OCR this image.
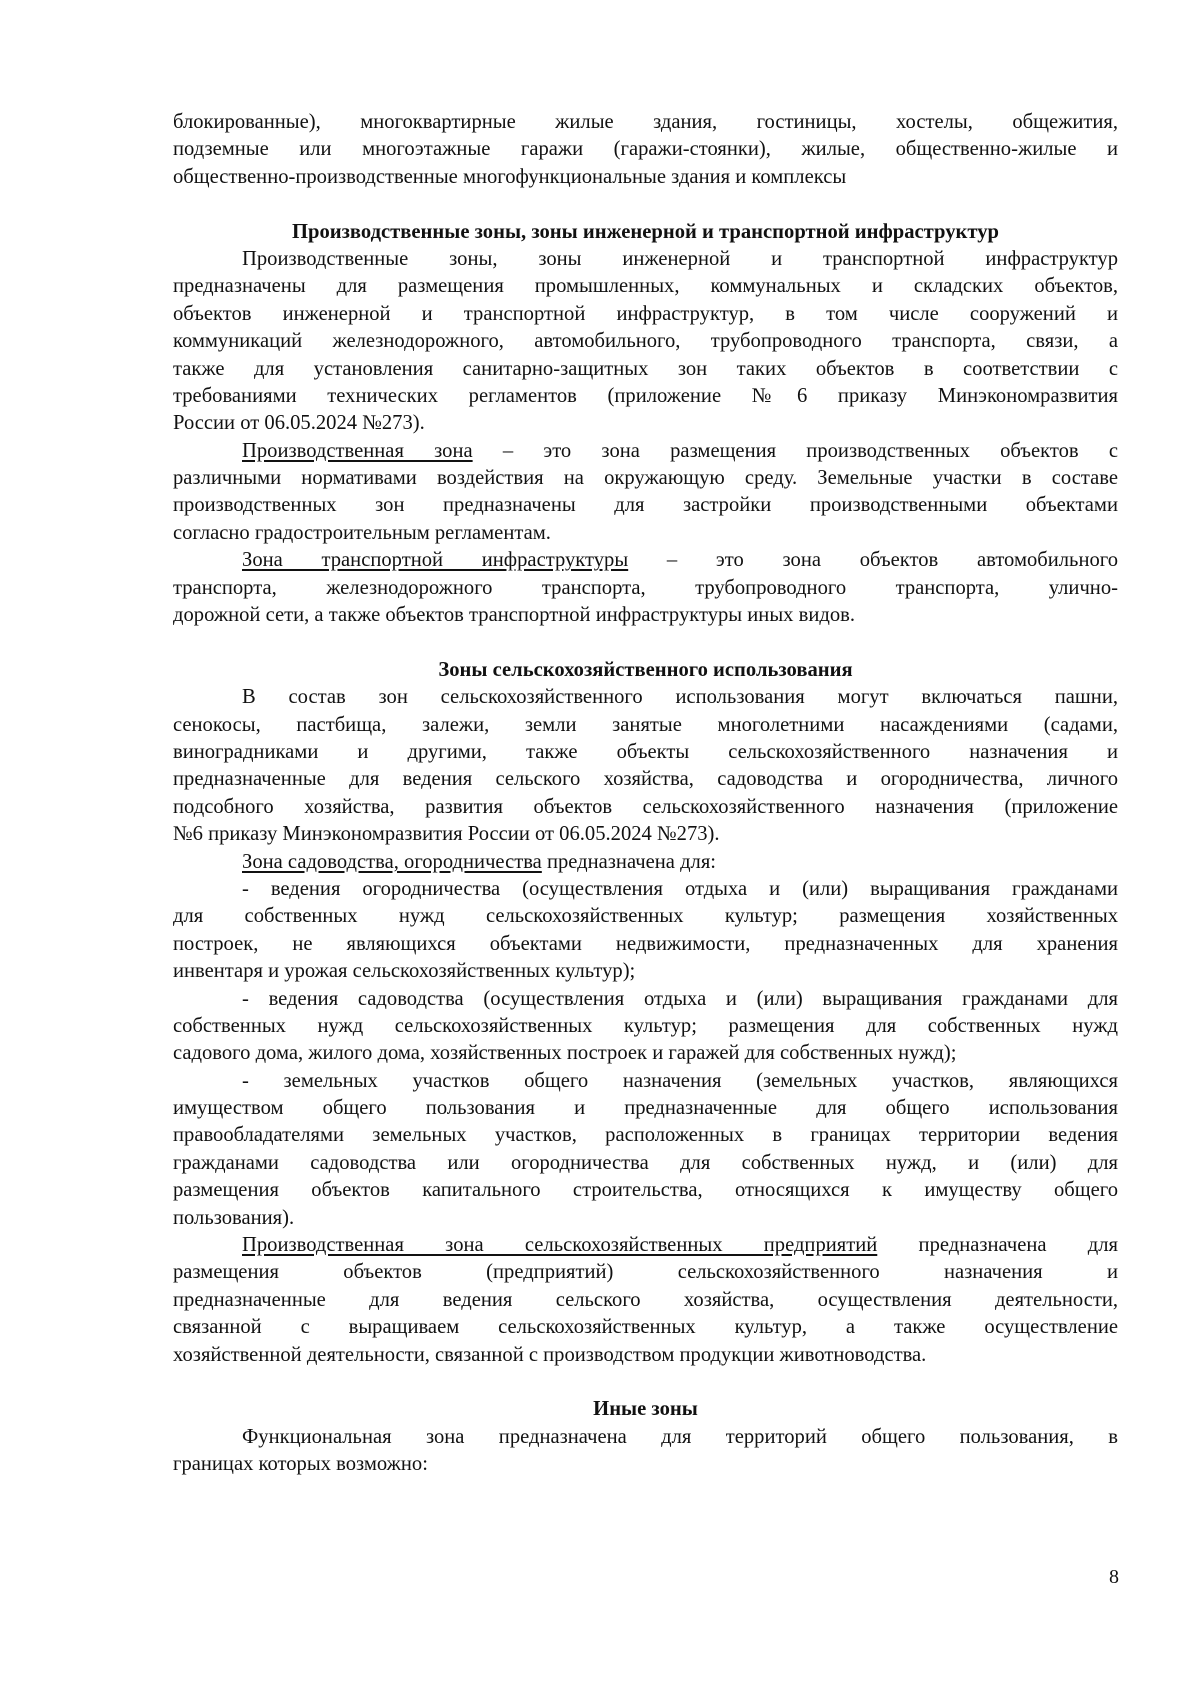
блокированные), многоквартирные жилые здания, гостиницы, хостелы, общежития,
подземные или многоэтажные гаражи (гаражи-стоянки), жилые, общественно-жилые и
общественно-производственные многофункциональные здания и комплексы
Производственные зоны, зоны инженерной и транспортной инфраструктур
Производственные зоны, зоны инженерной и транспортной инфраструктур
предназначены для размещения промышленных, коммунальных и складских объектов,
объектов инженерной и транспортной инфраструктур, в том числе сооружений и
коммуникаций железнодорожного, автомобильного, трубопроводного транспорта, связи, а
также для установления санитарно-защитных зон таких объектов в соответствии с
требованиями технических регламентов (приложение №6 приказу Минэкономразвития
России от 06.05.2024 №273).
Производственная зона – это зона размещения производственных объектов с
различными нормативами воздействия на окружающую среду. Земельные участки в составе
производственных зон предназначены для застройки производственными объектами
согласно градостроительным регламентам.
Зона транспортной инфраструктуры – это зона объектов автомобильного
транспорта, железнодорожного транспорта, трубопроводного транспорта, улично-
дорожной сети, а также объектов транспортной инфраструктуры иных видов.
Зоны сельскохозяйственного использования
В состав зон сельскохозяйственного использования могут включаться пашни,
сенокосы, пастбища, залежи, земли занятые многолетними насаждениями (садами,
виноградниками и другими, также объекты сельскохозяйственного назначения и
предназначенные для ведения сельского хозяйства, садоводства и огородничества, личного
подсобного хозяйства, развития объектов сельскохозяйственного назначения (приложение
№6 приказу Минэкономразвития России от 06.05.2024 №273).
Зона садоводства, огородничества предназначена для:
- ведения огородничества (осуществления отдыха и (или) выращивания гражданами
для собственных нужд сельскохозяйственных культур; размещения хозяйственных
построек, не являющихся объектами недвижимости, предназначенных для хранения
инвентаря и урожая сельскохозяйственных культур);
- ведения садоводства (осуществления отдыха и (или) выращивания гражданами для
собственных нужд сельскохозяйственных культур; размещения для собственных нужд
садового дома, жилого дома, хозяйственных построек и гаражей для собственных нужд);
- земельных участков общего назначения (земельных участков, являющихся
имуществом общего пользования и предназначенные для общего использования
правообладателями земельных участков, расположенных в границах территории ведения
гражданами садоводства или огородничества для собственных нужд, и (или) для
размещения объектов капитального строительства, относящихся к имуществу общего
пользования).
Производственная зона сельскохозяйственных предприятий предназначена для
размещения объектов (предприятий) сельскохозяйственного назначения и
предназначенные для ведения сельского хозяйства, осуществления деятельности,
связанной с выращиваем сельскохозяйственных культур, а также осуществление
хозяйственной деятельности, связанной с производством продукции животноводства.
Иные зоны
Функциональная зона предназначена для территорий общего пользования, в
границах которых возможно:
8
